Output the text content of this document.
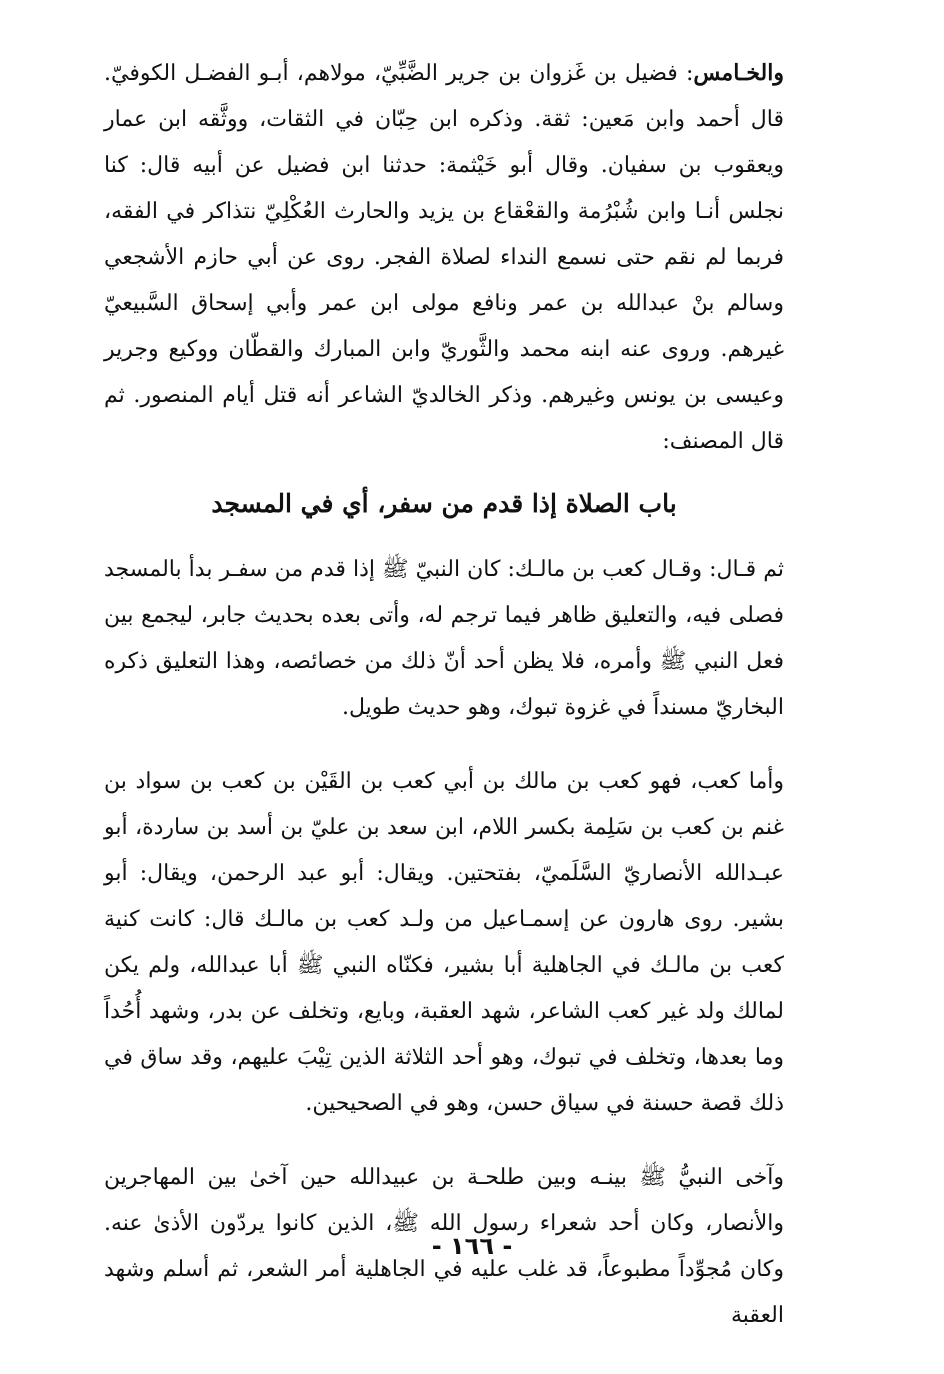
والخـامس: فضيل بن غَزوان بن جرير الضَّبِّيّ، مولاهم، أبـو الفضـل الكوفيّ. قال أحمد وابن مَعين: ثقة. وذكره ابن حِبّان في الثقات، ووثَّقه ابن عمار ويعقوب بن سفيان. وقال أبو خَيْثمة: حدثنا ابن فضيل عن أبيه قال: كنا نجلس أنـا وابن شُبْرُمة والقعْقاع بن يزيد والحارث العُكْلِيّ نتذاكر في الفقه، فربما لم نقم حتى نسمع النداء لصلاة الفجر. روى عن أبي حازم الأشجعي وسالم بنْ عبدالله بن عمر ونافع مولى ابن عمر وأبي إسحاق السَّبيعيّ غيرهم. وروى عنه ابنه محمد والثَّوريّ وابن المبارك والقطّان ووكيع وجرير وعيسى بن يونس وغيرهم. وذكر الخالديّ الشاعر أنه قتل أيام المنصور. ثم قال المصنف:

باب الصلاة إذا قدم من سفر، أي في المسجد

ثم قـال: وقـال كعب بن مالـك: كان النبيّ ﷺ إذا قدم من سفـر بدأ بالمسجد فصلى فيه، والتعليق ظاهر فيما ترجم له، وأتى بعده بحديث جابر، ليجمع بين فعل النبي ﷺ وأمره، فلا يظن أحد أنّ ذلك من خصائصه، وهذا التعليق ذكره البخاريّ مسنداً في غزوة تبوك، وهو حديث طويل.

وأما كعب، فهو كعب بن مالك بن أبي كعب بن القَيْن بن كعب بن سواد بن غنم بن كعب بن سَلِمة بكسر اللام، ابن سعد بن عليّ بن أسد بن ساردة، أبو عبـدالله الأنصاريّ السَّلَميّ، بفتحتين. ويقال: أبو عبد الرحمن، ويقال: أبو بشير. روى هارون عن إسمـاعيل من ولـد كعب بن مالـك قال: كانت كنية كعب بن مالـك في الجاهلية أبا بشير، فكنّاه النبي ﷺ أبا عبدالله، ولم يكن لمالك ولد غير كعب الشاعر، شهد العقبة، وبايع، وتخلف عن بدر، وشهد أُحُداً وما بعدها، وتخلف في تبوك، وهو أحد الثلاثة الذين تِيْبَ عليهم، وقد ساق في ذلك قصة حسنة في سياق حسن، وهو في الصحيحين.

وآخى النبيُّ ﷺ بينـه وبين طلحـة بن عبيدالله حين آخىٰ بين المهاجرين والأنصار، وكان أحد شعراء رسول الله ﷺ، الذين كانوا يردّون الأذىٰ عنه. وكان مُجوِّداً مطبوعاً، قد غلب عليه في الجاهلية أمر الشعر، ثم أسلم وشهد العقبة

- ١٦٦ -
